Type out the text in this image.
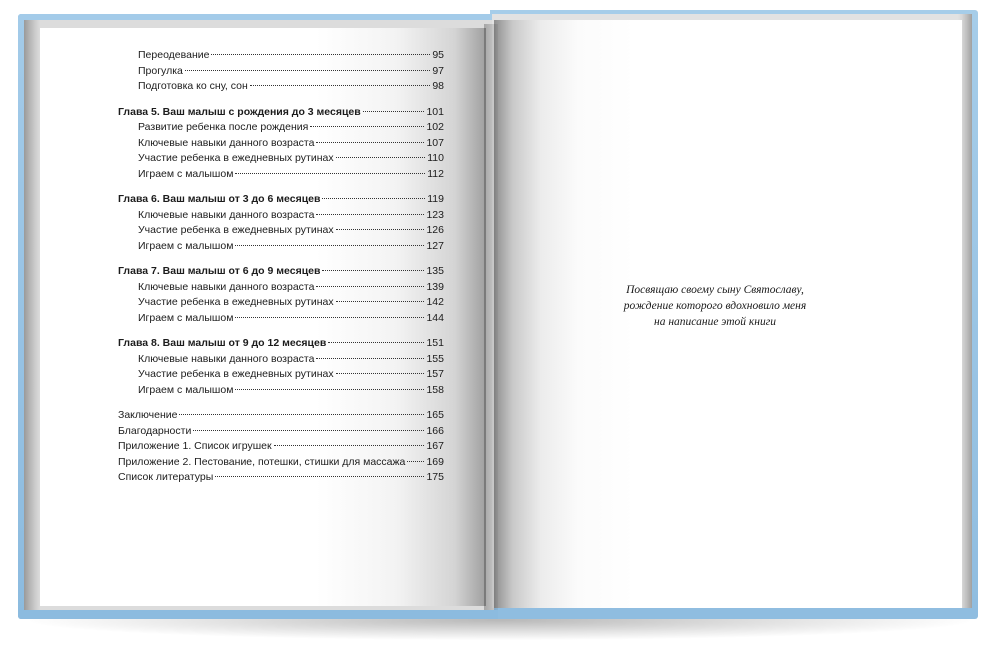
Переодевание	95
Прогулка	97
Подготовка ко сну, сон	98
Глава 5. Ваш малыш с рождения до 3 месяцев	101
Развитие ребенка после рождения	102
Ключевые навыки данного возраста	107
Участие ребенка в ежедневных рутинах	110
Играем с малышом	112
Глава 6. Ваш малыш от 3 до 6 месяцев	119
Ключевые навыки данного возраста	123
Участие ребенка в ежедневных рутинах	126
Играем с малышом	127
Глава 7. Ваш малыш от 6 до 9 месяцев	135
Ключевые навыки данного возраста	139
Участие ребенка в ежедневных рутинах	142
Играем с малышом	144
Глава 8. Ваш малыш от 9 до 12 месяцев	151
Ключевые навыки данного возраста	155
Участие ребенка в ежедневных рутинах	157
Играем с малышом	158
Заключение	165
Благодарности	166
Приложение 1. Список игрушек	167
Приложение 2. Пестование, потешки, стишки для массажа 169
Список литературы	175
Посвящаю своему сыну Святославу,
рождение которого вдохновило меня
на написание этой книги
